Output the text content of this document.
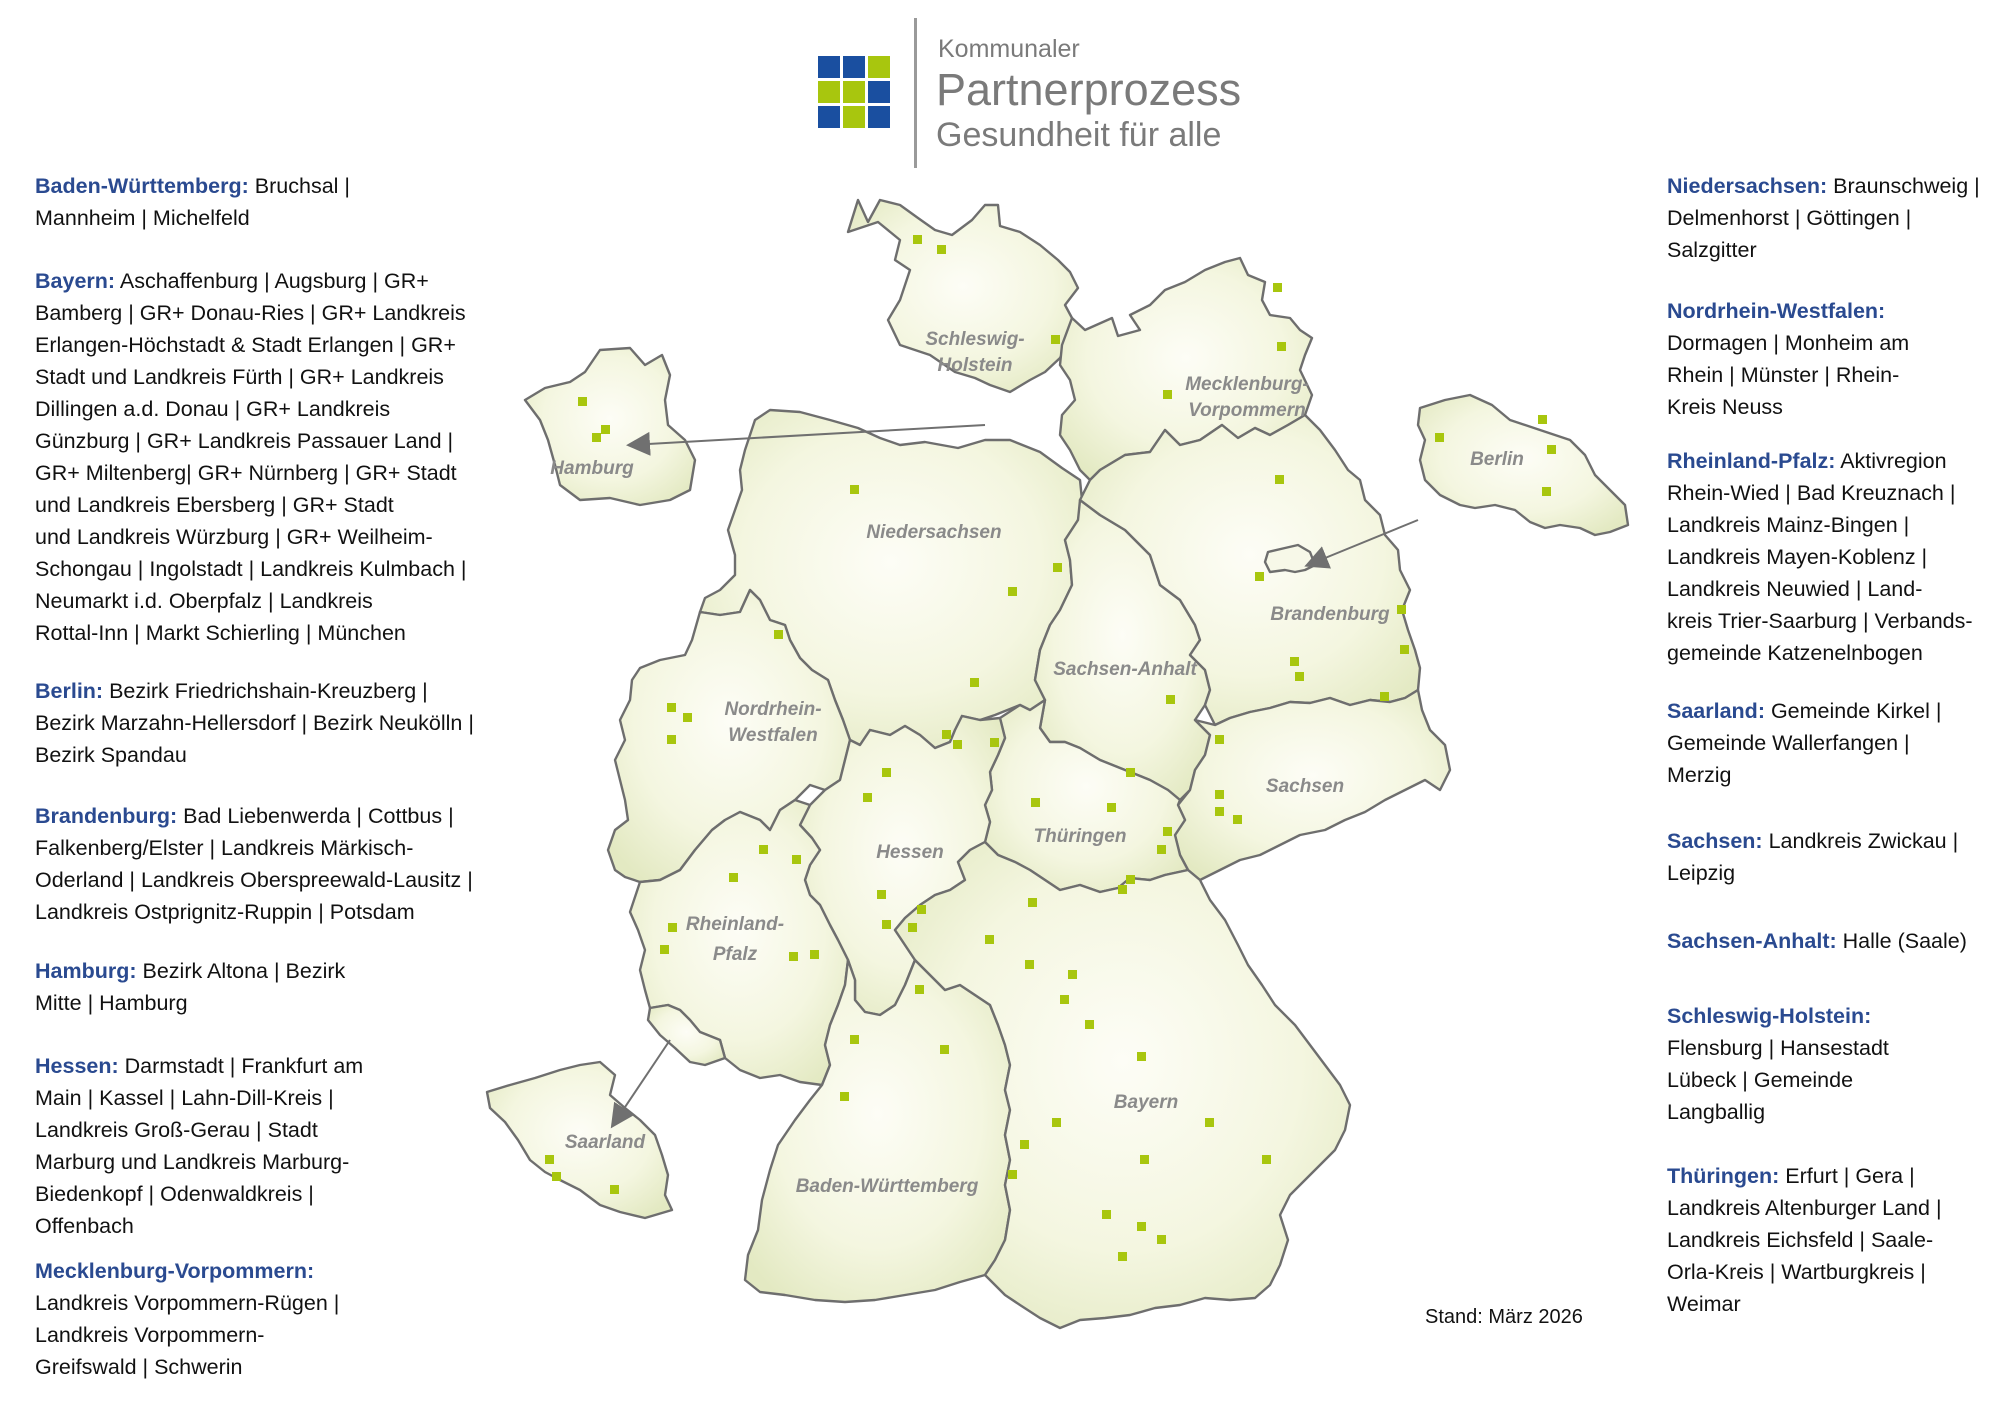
Schleswig-Holstein
Mecklenburg-Vorpommern
Hamburg	Berlin
Niedersachsen
Brandenburg
Sachsen-Anhalt
Nordrhein-Westfalen
Sachsen
Thüringen
Hessen
Rheinland-Pfalz
Saarland
Bayern
Baden-Württemberg
Kommunaler
Partnerprozess
Gesundheit für alle

Baden-Württemberg: Bruchsal |

Mannheim | Michelfeld

Bayern: Aschaffenburg | Augsburg | GR+

Bamberg | GR+ Donau-Ries | GR+ Landkreis

Erlangen-Höchstadt & Stadt Erlangen | GR+

Stadt und Landkreis Fürth | GR+ Landkreis

Dillingen a.d. Donau | GR+ Landkreis

Günzburg | GR+ Landkreis Passauer Land |

GR+ Miltenberg| GR+ Nürnberg | GR+ Stadt

und Landkreis Ebersberg | GR+ Stadt

und Landkreis Würzburg | GR+ Weilheim-

Schongau | Ingolstadt | Landkreis Kulmbach |

Neumarkt i.d. Oberpfalz | Landkreis

Rottal-Inn | Markt Schierling | München

Berlin: Bezirk Friedrichshain-Kreuzberg |

Bezirk Marzahn-Hellersdorf | Bezirk Neukölln |

Bezirk Spandau

Brandenburg: Bad Liebenwerda | Cottbus |

Falkenberg/Elster | Landkreis Märkisch-

Oderland | Landkreis Oberspreewald-Lausitz |

Landkreis Ostprignitz-Ruppin | Potsdam

Hamburg: Bezirk Altona | Bezirk

Mitte | Hamburg

Hessen: Darmstadt | Frankfurt am

Main | Kassel | Lahn-Dill-Kreis |

Landkreis Groß-Gerau | Stadt

Marburg und Landkreis Marburg-

Biedenkopf | Odenwaldkreis |

Offenbach

Mecklenburg-Vorpommern:

Landkreis Vorpommern-Rügen |

Landkreis Vorpommern-

Greifswald | Schwerin

Niedersachsen: Braunschweig |

Delmenhorst | Göttingen |

Salzgitter

Nordrhein-Westfalen:

Dormagen | Monheim am

Rhein | Münster | Rhein-

Kreis Neuss

Rheinland-Pfalz: Aktivregion

Rhein-Wied | Bad Kreuznach |

Landkreis Mainz-Bingen |

Landkreis Mayen-Koblenz |

Landkreis Neuwied | Land-

kreis Trier-Saarburg | Verbands-

gemeinde Katzenelnbogen

Saarland: Gemeinde Kirkel |

Gemeinde Wallerfangen |

Merzig

Sachsen: Landkreis Zwickau |

Leipzig

Sachsen-Anhalt: Halle (Saale)

Schleswig-Holstein:

Flensburg | Hansestadt

Lübeck | Gemeinde

Langballig

Thüringen: Erfurt | Gera |

Landkreis Altenburger Land |

Landkreis Eichsfeld | Saale-

Orla-Kreis | Wartburgkreis |

Weimar

Stand: März 2026
